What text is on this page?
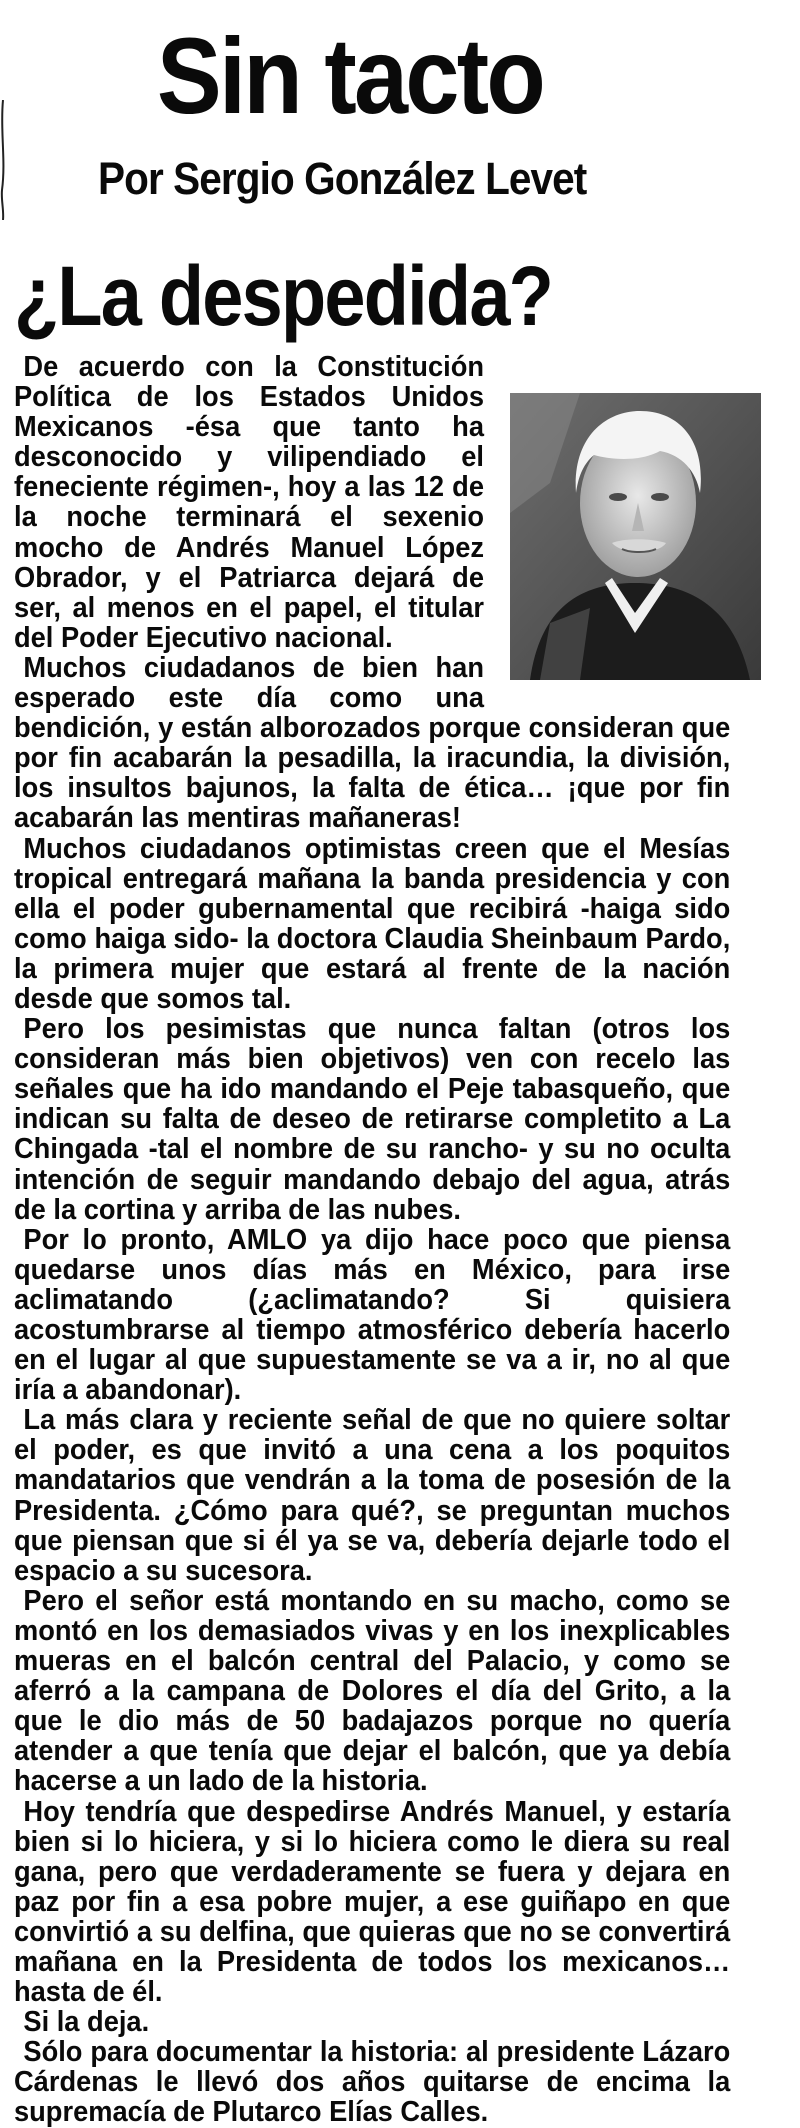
Sin tacto
Por Sergio González Levet
¿La despedida?

De acuerdo con la Constitución Política de los Estados Unidos Mexicanos -ésa que tanto ha desconocido y vilipendiado el feneciente régimen-, hoy a las 12 de la noche terminará el sexenio mocho de Andrés Manuel López Obrador, y el Patriarca dejará de ser, al menos en el papel, el titular del Poder Ejecutivo nacional.

Muchos ciudadanos de bien han esperado este día como una bendición, y están alborozados porque consideran que por fin acabarán la pesadilla, la iracundia, la división, los insultos bajunos, la falta de ética… ¡que por fin acabarán las mentiras mañaneras!

Muchos ciudadanos optimistas creen que el Mesías tropical entregará mañana la banda presidencia y con ella el poder gubernamental que recibirá -haiga sido como haiga sido- la doctora Claudia Sheinbaum Pardo, la primera mujer que estará al frente de la nación desde que somos tal.

Pero los pesimistas que nunca faltan (otros los consideran más bien objetivos) ven con recelo las señales que ha ido mandando el Peje tabasqueño, que indican su falta de deseo de retirarse completito a La Chingada -tal el nombre de su rancho- y su no oculta intención de seguir mandando debajo del agua, atrás de la cortina y arriba de las nubes.

Por lo pronto, AMLO ya dijo hace poco que piensa quedarse unos días más en México, para irse aclimatando (¿aclimatando? Si quisiera acostumbrarse al tiempo atmosférico debería hacerlo en el lugar al que supuestamente se va a ir, no al que iría a abandonar).

La más clara y reciente señal de que no quiere soltar el poder, es que invitó a una cena a los poquitos mandatarios que vendrán a la toma de posesión de la Presidenta. ¿Cómo para qué?, se preguntan muchos que piensan que si él ya se va, debería dejarle todo el espacio a su sucesora.

Pero el señor está montando en su macho, como se montó en los demasiados vivas y en los inexplicables mueras en el balcón central del Palacio, y como se aferró a la campana de Dolores el día del Grito, a la que le dio más de 50 badajazos porque no quería atender a que tenía que dejar el balcón, que ya debía hacerse a un lado de la historia.

Hoy tendría que despedirse Andrés Manuel, y estaría bien si lo hiciera, y si lo hiciera como le diera su real gana, pero que verdaderamente se fuera y dejara en paz por fin a esa pobre mujer, a ese guiñapo en que convirtió a su delfina, que quieras que no se convertirá mañana en la Presidenta de todos los mexicanos… hasta de él.

Si la deja.

Sólo para documentar la historia: al presidente Lázaro Cárdenas le llevó dos años quitarse de encima la supremacía de Plutarco Elías Calles.
